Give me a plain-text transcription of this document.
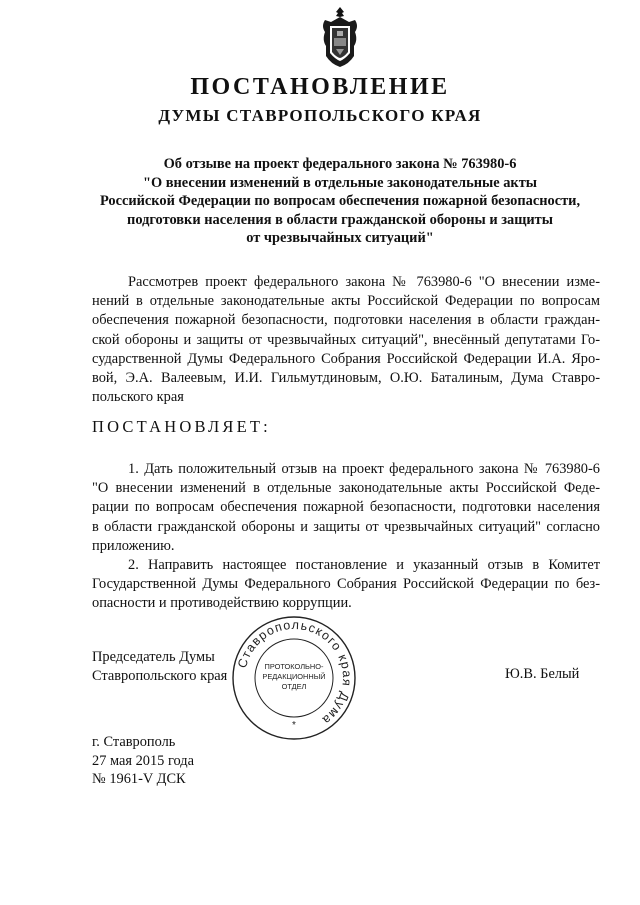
ПОСТАНОВЛЕНИЕ
ДУМЫ СТАВРОПОЛЬСКОГО КРАЯ
Об отзыве на проект федерального закона № 763980-6
"О внесении изменений в отдельные законодательные акты
Российской Федерации по вопросам обеспечения пожарной безопасности,
подготовки населения в области гражданской обороны и защиты
от чрезвычайных ситуаций"
Рассмотрев проект федерального закона № 763980-6 "О внесении изме-
нений в отдельные законодательные акты Российской Федерации по вопросам
обеспечения пожарной безопасности, подготовки населения в области граждан-
ской обороны и защиты от чрезвычайных ситуаций", внесённый депутатами Го-
сударственной Думы Федерального Собрания Российской Федерации И.А. Яро-
вой, Э.А. Валеевым, И.И. Гильмутдиновым, О.Ю. Баталиным, Дума Ставро-
польского края
ПОСТАНОВЛЯЕТ:
1. Дать положительный отзыв на проект федерального закона № 763980-6
"О внесении изменений в отдельные законодательные акты Российской Феде-
рации по вопросам обеспечения пожарной безопасности, подготовки населения
в области гражданской обороны и защиты от чрезвычайных ситуаций" согласно
приложению.
2. Направить настоящее постановление и указанный отзыв в Комитет
Государственной Думы Федерального Собрания Российской Федерации по без-
опасности и противодействию коррупции.
Председатель Думы
Ставропольского края	Ю.В. Белый
Ставропольского края Дума
ПРОТОКОЛЬНО-
РЕДАКЦИОННЫЙ
ОТДЕЛ
*
г. Ставрополь
27 мая 2015 года
№ 1961-V ДСК
